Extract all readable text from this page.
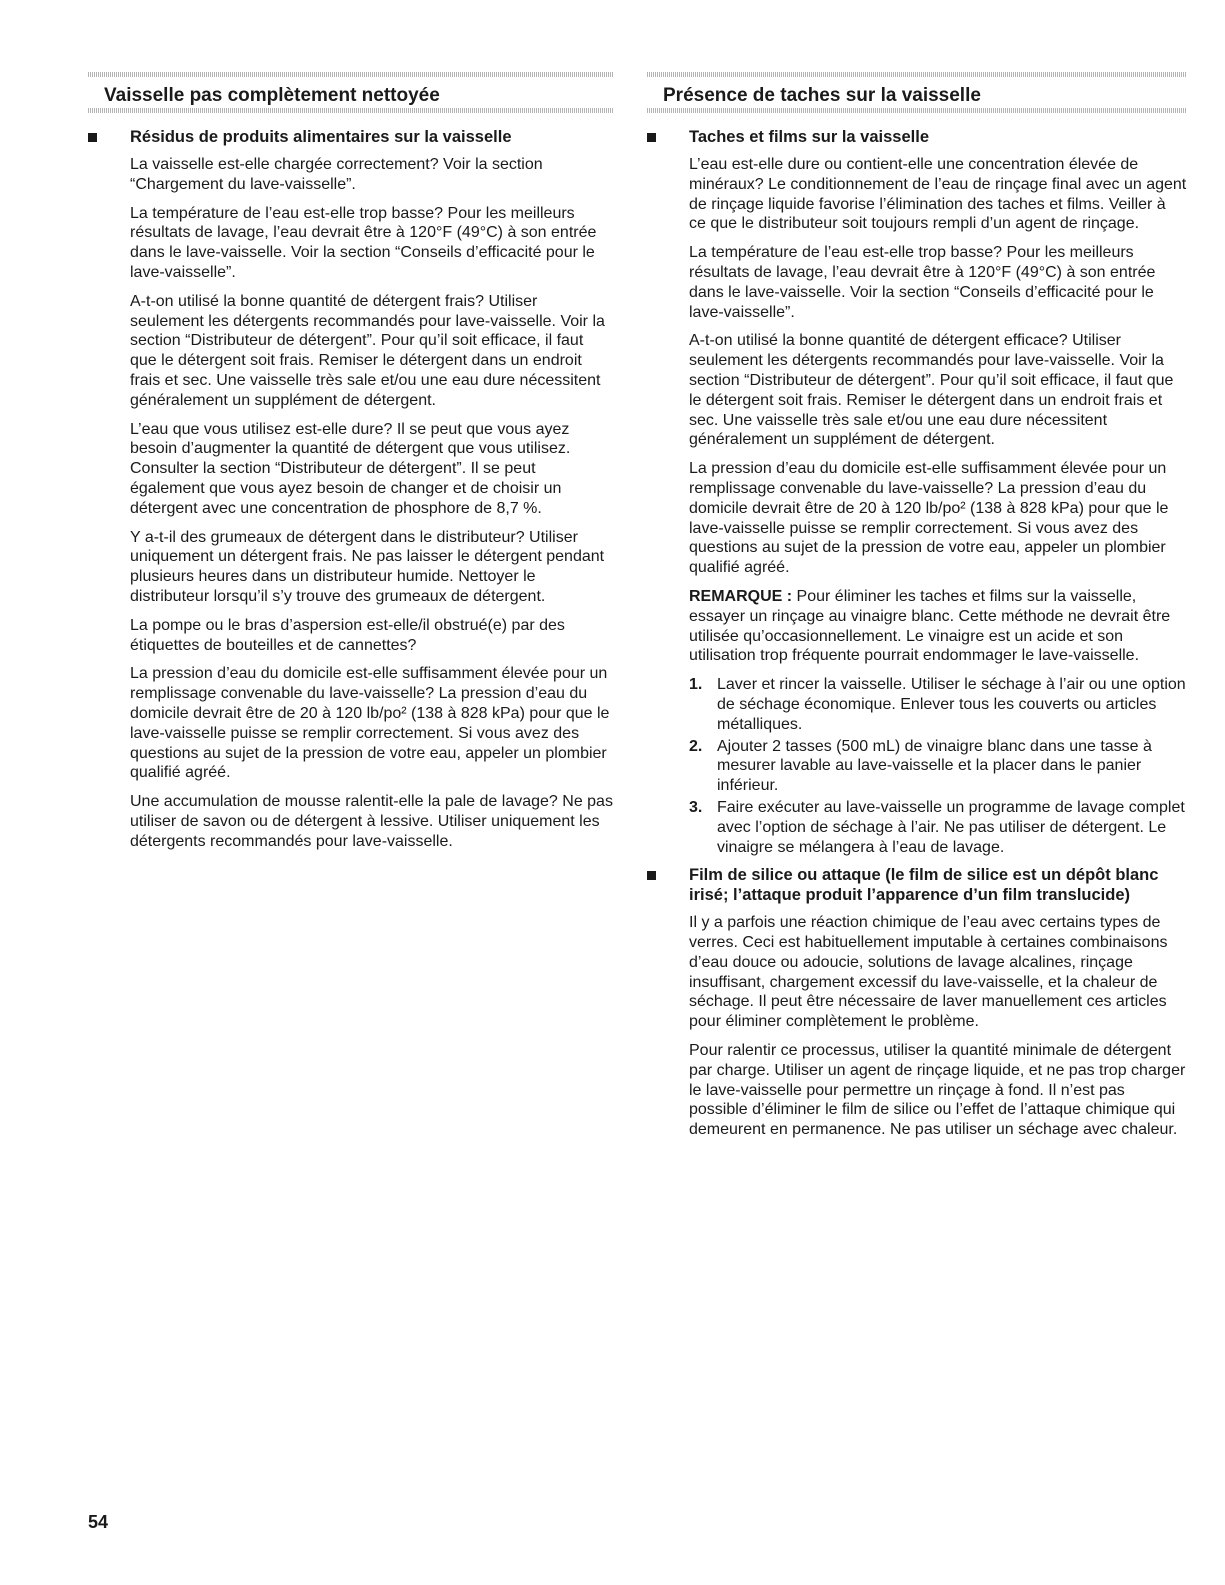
Vaisselle pas complètement nettoyée
Résidus de produits alimentaires sur la vaisselle

La vaisselle est-elle chargée correctement? Voir la section “Chargement du lave-vaisselle”.

La température de l’eau est-elle trop basse? Pour les meilleurs résultats de lavage, l’eau devrait être à 120°F (49°C) à son entrée dans le lave-vaisselle. Voir la section “Conseils d’efficacité pour le lave-vaisselle”.

A-t-on utilisé la bonne quantité de détergent frais? Utiliser seulement les détergents recommandés pour lave-vaisselle. Voir la section “Distributeur de détergent”. Pour qu’il soit efficace, il faut que le détergent soit frais. Remiser le détergent dans un endroit frais et sec. Une vaisselle très sale et/ou une eau dure nécessitent généralement un supplément de détergent.

L’eau que vous utilisez est-elle dure? Il se peut que vous ayez besoin d’augmenter la quantité de détergent que vous utilisez. Consulter la section “Distributeur de détergent”. Il se peut également que vous ayez besoin de changer et de choisir un détergent avec une concentration de phosphore de 8,7 %.

Y a-t-il des grumeaux de détergent dans le distributeur? Utiliser uniquement un détergent frais. Ne pas laisser le détergent pendant plusieurs heures dans un distributeur humide. Nettoyer le distributeur lorsqu’il s’y trouve des grumeaux de détergent.

La pompe ou le bras d’aspersion est-elle/il obstrué(e) par des étiquettes de bouteilles et de cannettes?

La pression d’eau du domicile est-elle suffisamment élevée pour un remplissage convenable du lave-vaisselle? La pression d’eau du domicile devrait être de 20 à 120 lb/po² (138 à 828 kPa) pour que le lave-vaisselle puisse se remplir correctement. Si vous avez des questions au sujet de la pression de votre eau, appeler un plombier qualifié agréé.

Une accumulation de mousse ralentit-elle la pale de lavage? Ne pas utiliser de savon ou de détergent à lessive. Utiliser uniquement les détergents recommandés pour lave-vaisselle.

Présence de taches sur la vaisselle
Taches et films sur la vaisselle

L’eau est-elle dure ou contient-elle une concentration élevée de minéraux? Le conditionnement de l’eau de rinçage final avec un agent de rinçage liquide favorise l’élimination des taches et films. Veiller à ce que le distributeur soit toujours rempli d’un agent de rinçage.

La température de l’eau est-elle trop basse? Pour les meilleurs résultats de lavage, l’eau devrait être à 120°F (49°C) à son entrée dans le lave-vaisselle. Voir la section “Conseils d’efficacité pour le lave-vaisselle”.

A-t-on utilisé la bonne quantité de détergent efficace? Utiliser seulement les détergents recommandés pour lave-vaisselle. Voir la section “Distributeur de détergent”. Pour qu’il soit efficace, il faut que le détergent soit frais. Remiser le détergent dans un endroit frais et sec. Une vaisselle très sale et/ou une eau dure nécessitent généralement un supplément de détergent.

La pression d’eau du domicile est-elle suffisamment élevée pour un remplissage convenable du lave-vaisselle? La pression d’eau du domicile devrait être de 20 à 120 lb/po² (138 à 828 kPa) pour que le lave-vaisselle puisse se remplir correctement. Si vous avez des questions au sujet de la pression de votre eau, appeler un plombier qualifié agréé.

REMARQUE : Pour éliminer les taches et films sur la vaisselle, essayer un rinçage au vinaigre blanc. Cette méthode ne devrait être utilisée qu’occasionnellement. Le vinaigre est un acide et son utilisation trop fréquente pourrait endommager le lave-vaisselle.

1. Laver et rincer la vaisselle. Utiliser le séchage à l’air ou une option de séchage économique. Enlever tous les couverts ou articles métalliques.
2. Ajouter 2 tasses (500 mL) de vinaigre blanc dans une tasse à mesurer lavable au lave-vaisselle et la placer dans le panier inférieur.
3. Faire exécuter au lave-vaisselle un programme de lavage complet avec l’option de séchage à l’air. Ne pas utiliser de détergent. Le vinaigre se mélangera à l’eau de lavage.
Film de silice ou attaque (le film de silice est un dépôt blanc irisé; l’attaque produit l’apparence d’un film translucide)

Il y a parfois une réaction chimique de l’eau avec certains types de verres. Ceci est habituellement imputable à certaines combinaisons d’eau douce ou adoucie, solutions de lavage alcalines, rinçage insuffisant, chargement excessif du lave-vaisselle, et la chaleur de séchage. Il peut être nécessaire de laver manuellement ces articles pour éliminer complètement le problème.

Pour ralentir ce processus, utiliser la quantité minimale de détergent par charge. Utiliser un agent de rinçage liquide, et ne pas trop charger le lave-vaisselle pour permettre un rinçage à fond. Il n’est pas possible d’éliminer le film de silice ou l’effet de l’attaque chimique qui demeurent en permanence. Ne pas utiliser un séchage avec chaleur.

54
